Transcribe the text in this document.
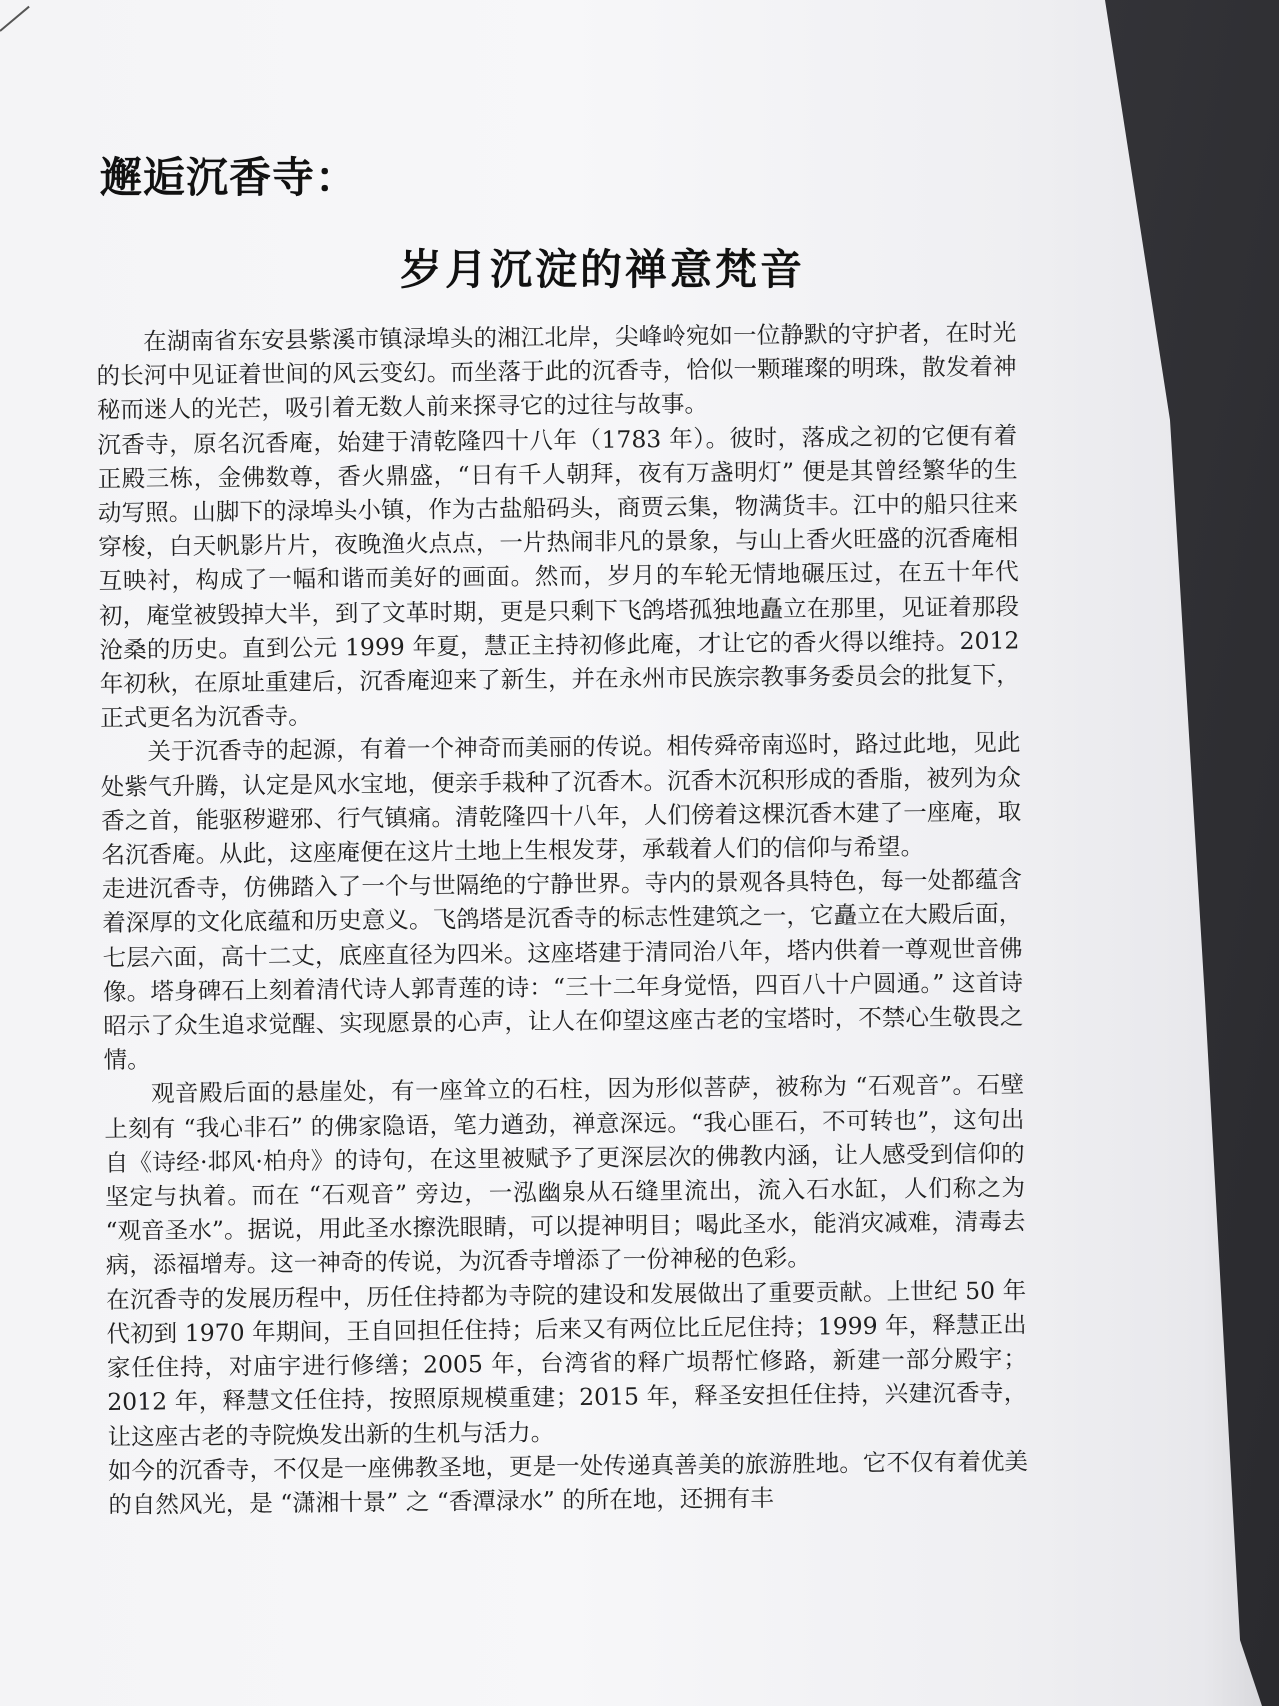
邂逅沉香寺：
岁月沉淀的禅意梵音

在湖南省东安县紫溪市镇渌埠头的湘江北岸，尖峰岭宛如一位静默的守护者，在时光的长河中见证着世间的风云变幻。而坐落于此的沉香寺，恰似一颗璀璨的明珠，散发着神秘而迷人的光芒，吸引着无数人前来探寻它的过往与故事。

沉香寺，原名沉香庵，始建于清乾隆四十八年（1783 年）。彼时，落成之初的它便有着正殿三栋，金佛数尊，香火鼎盛，“日有千人朝拜，夜有万盏明灯” 便是其曾经繁华的生动写照。山脚下的渌埠头小镇，作为古盐船码头，商贾云集，物满货丰。江中的船只往来穿梭，白天帆影片片，夜晚渔火点点，一片热闹非凡的景象，与山上香火旺盛的沉香庵相互映衬，构成了一幅和谐而美好的画面。然而，岁月的车轮无情地碾压过，在五十年代初，庵堂被毁掉大半，到了文革时期，更是只剩下飞鸽塔孤独地矗立在那里，见证着那段沧桑的历史。直到公元 1999 年夏，慧正主持初修此庵，才让它的香火得以维持。2012 年初秋，在原址重建后，沉香庵迎来了新生，并在永州市民族宗教事务委员会的批复下，正式更名为沉香寺。

关于沉香寺的起源，有着一个神奇而美丽的传说。相传舜帝南巡时，路过此地，见此处紫气升腾，认定是风水宝地，便亲手栽种了沉香木。沉香木沉积形成的香脂，被列为众香之首，能驱秽避邪、行气镇痛。清乾隆四十八年，人们傍着这棵沉香木建了一座庵，取名沉香庵。从此，这座庵便在这片土地上生根发芽，承载着人们的信仰与希望。

走进沉香寺，仿佛踏入了一个与世隔绝的宁静世界。寺内的景观各具特色，每一处都蕴含着深厚的文化底蕴和历史意义。飞鸽塔是沉香寺的标志性建筑之一，它矗立在大殿后面，七层六面，高十二丈，底座直径为四米。这座塔建于清同治八年，塔内供着一尊观世音佛像。塔身碑石上刻着清代诗人郭青莲的诗：“三十二年身觉悟，四百八十户圆通。” 这首诗昭示了众生追求觉醒、实现愿景的心声，让人在仰望这座古老的宝塔时，不禁心生敬畏之情。

观音殿后面的悬崖处，有一座耸立的石柱，因为形似菩萨，被称为 “石观音”。石壁上刻有 “我心非石” 的佛家隐语，笔力遒劲，禅意深远。“我心匪石，不可转也”，这句出自《诗经·邶风·柏舟》的诗句，在这里被赋予了更深层次的佛教内涵，让人感受到信仰的坚定与执着。而在 “石观音” 旁边，一泓幽泉从石缝里流出，流入石水缸，人们称之为 “观音圣水”。据说，用此圣水擦洗眼睛，可以提神明目；喝此圣水，能消灾减难，清毒去病，添福增寿。这一神奇的传说，为沉香寺增添了一份神秘的色彩。

在沉香寺的发展历程中，历任住持都为寺院的建设和发展做出了重要贡献。上世纪 50 年代初到 1970 年期间，王自回担任住持；后来又有两位比丘尼住持；1999 年，释慧正出家任住持，对庙宇进行修缮；2005 年，台湾省的释广埙帮忙修路，新建一部分殿宇；2012 年，释慧文任住持，按照原规模重建；2015 年，释圣安担任住持，兴建沉香寺，让这座古老的寺院焕发出新的生机与活力。

如今的沉香寺，不仅是一座佛教圣地，更是一处传递真善美的旅游胜地。它不仅有着优美的自然风光，是 “潇湘十景” 之 “香潭渌水” 的所在地，还拥有丰
